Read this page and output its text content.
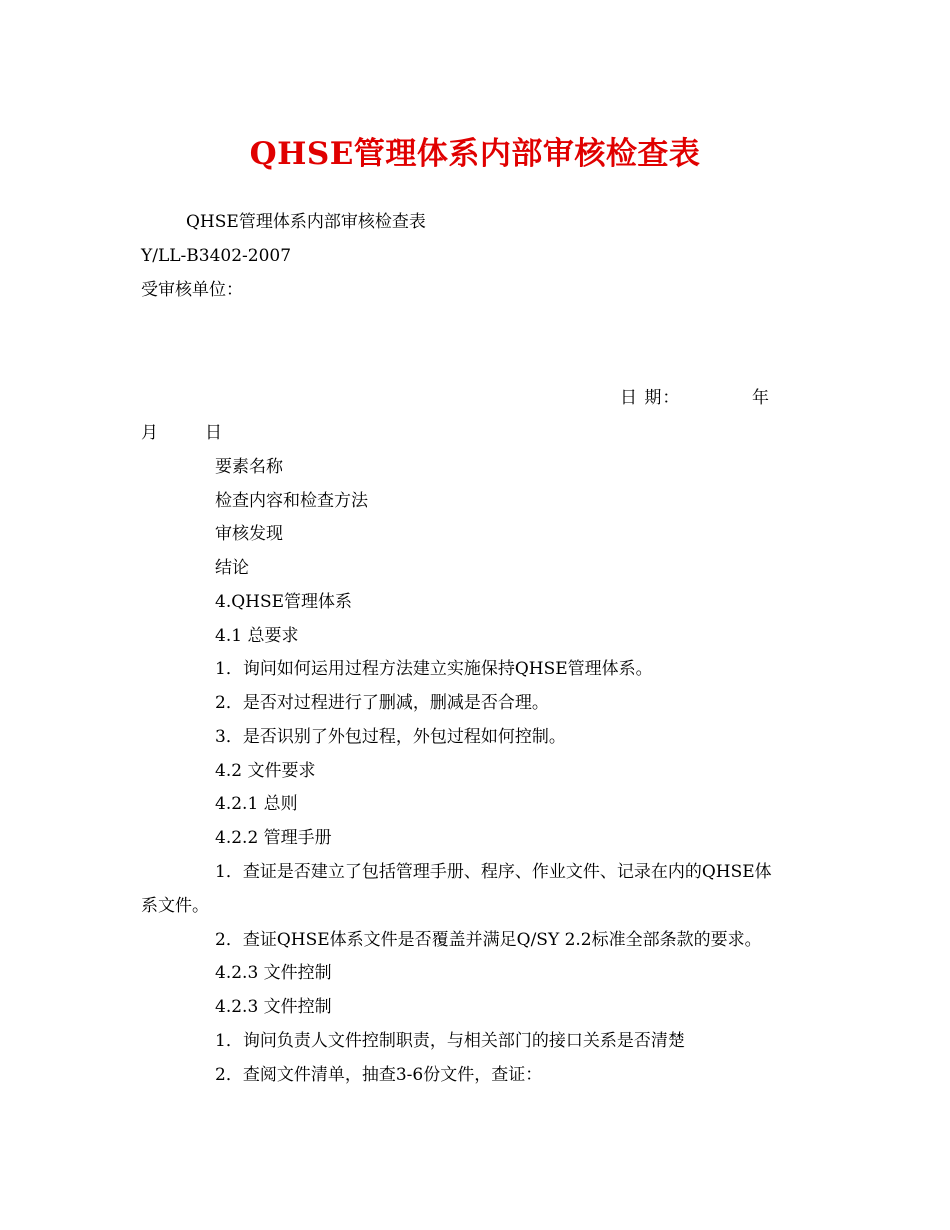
QHSE管理体系内部审核检查表
QHSE管理体系内部审核检查表
Y/LL-B3402-2007
受审核单位：
日 期：	年
月	日
要素名称
检查内容和检查方法
审核发现
结论
4.QHSE管理体系
4.1 总要求
1．询问如何运用过程方法建立实施保持QHSE管理体系。
2．是否对过程进行了删减，删减是否合理。
3．是否识别了外包过程，外包过程如何控制。
4.2 文件要求
4.2.1 总则
4.2.2 管理手册
1．查证是否建立了包括管理手册、程序、作业文件、记录在内的QHSE体
系文件。
2．查证QHSE体系文件是否覆盖并满足Q/SY 2.2标准全部条款的要求。
4.2.3 文件控制
4.2.3 文件控制
1．询问负责人文件控制职责，与相关部门的接口关系是否清楚
2．查阅文件清单，抽查3-6份文件，查证：
